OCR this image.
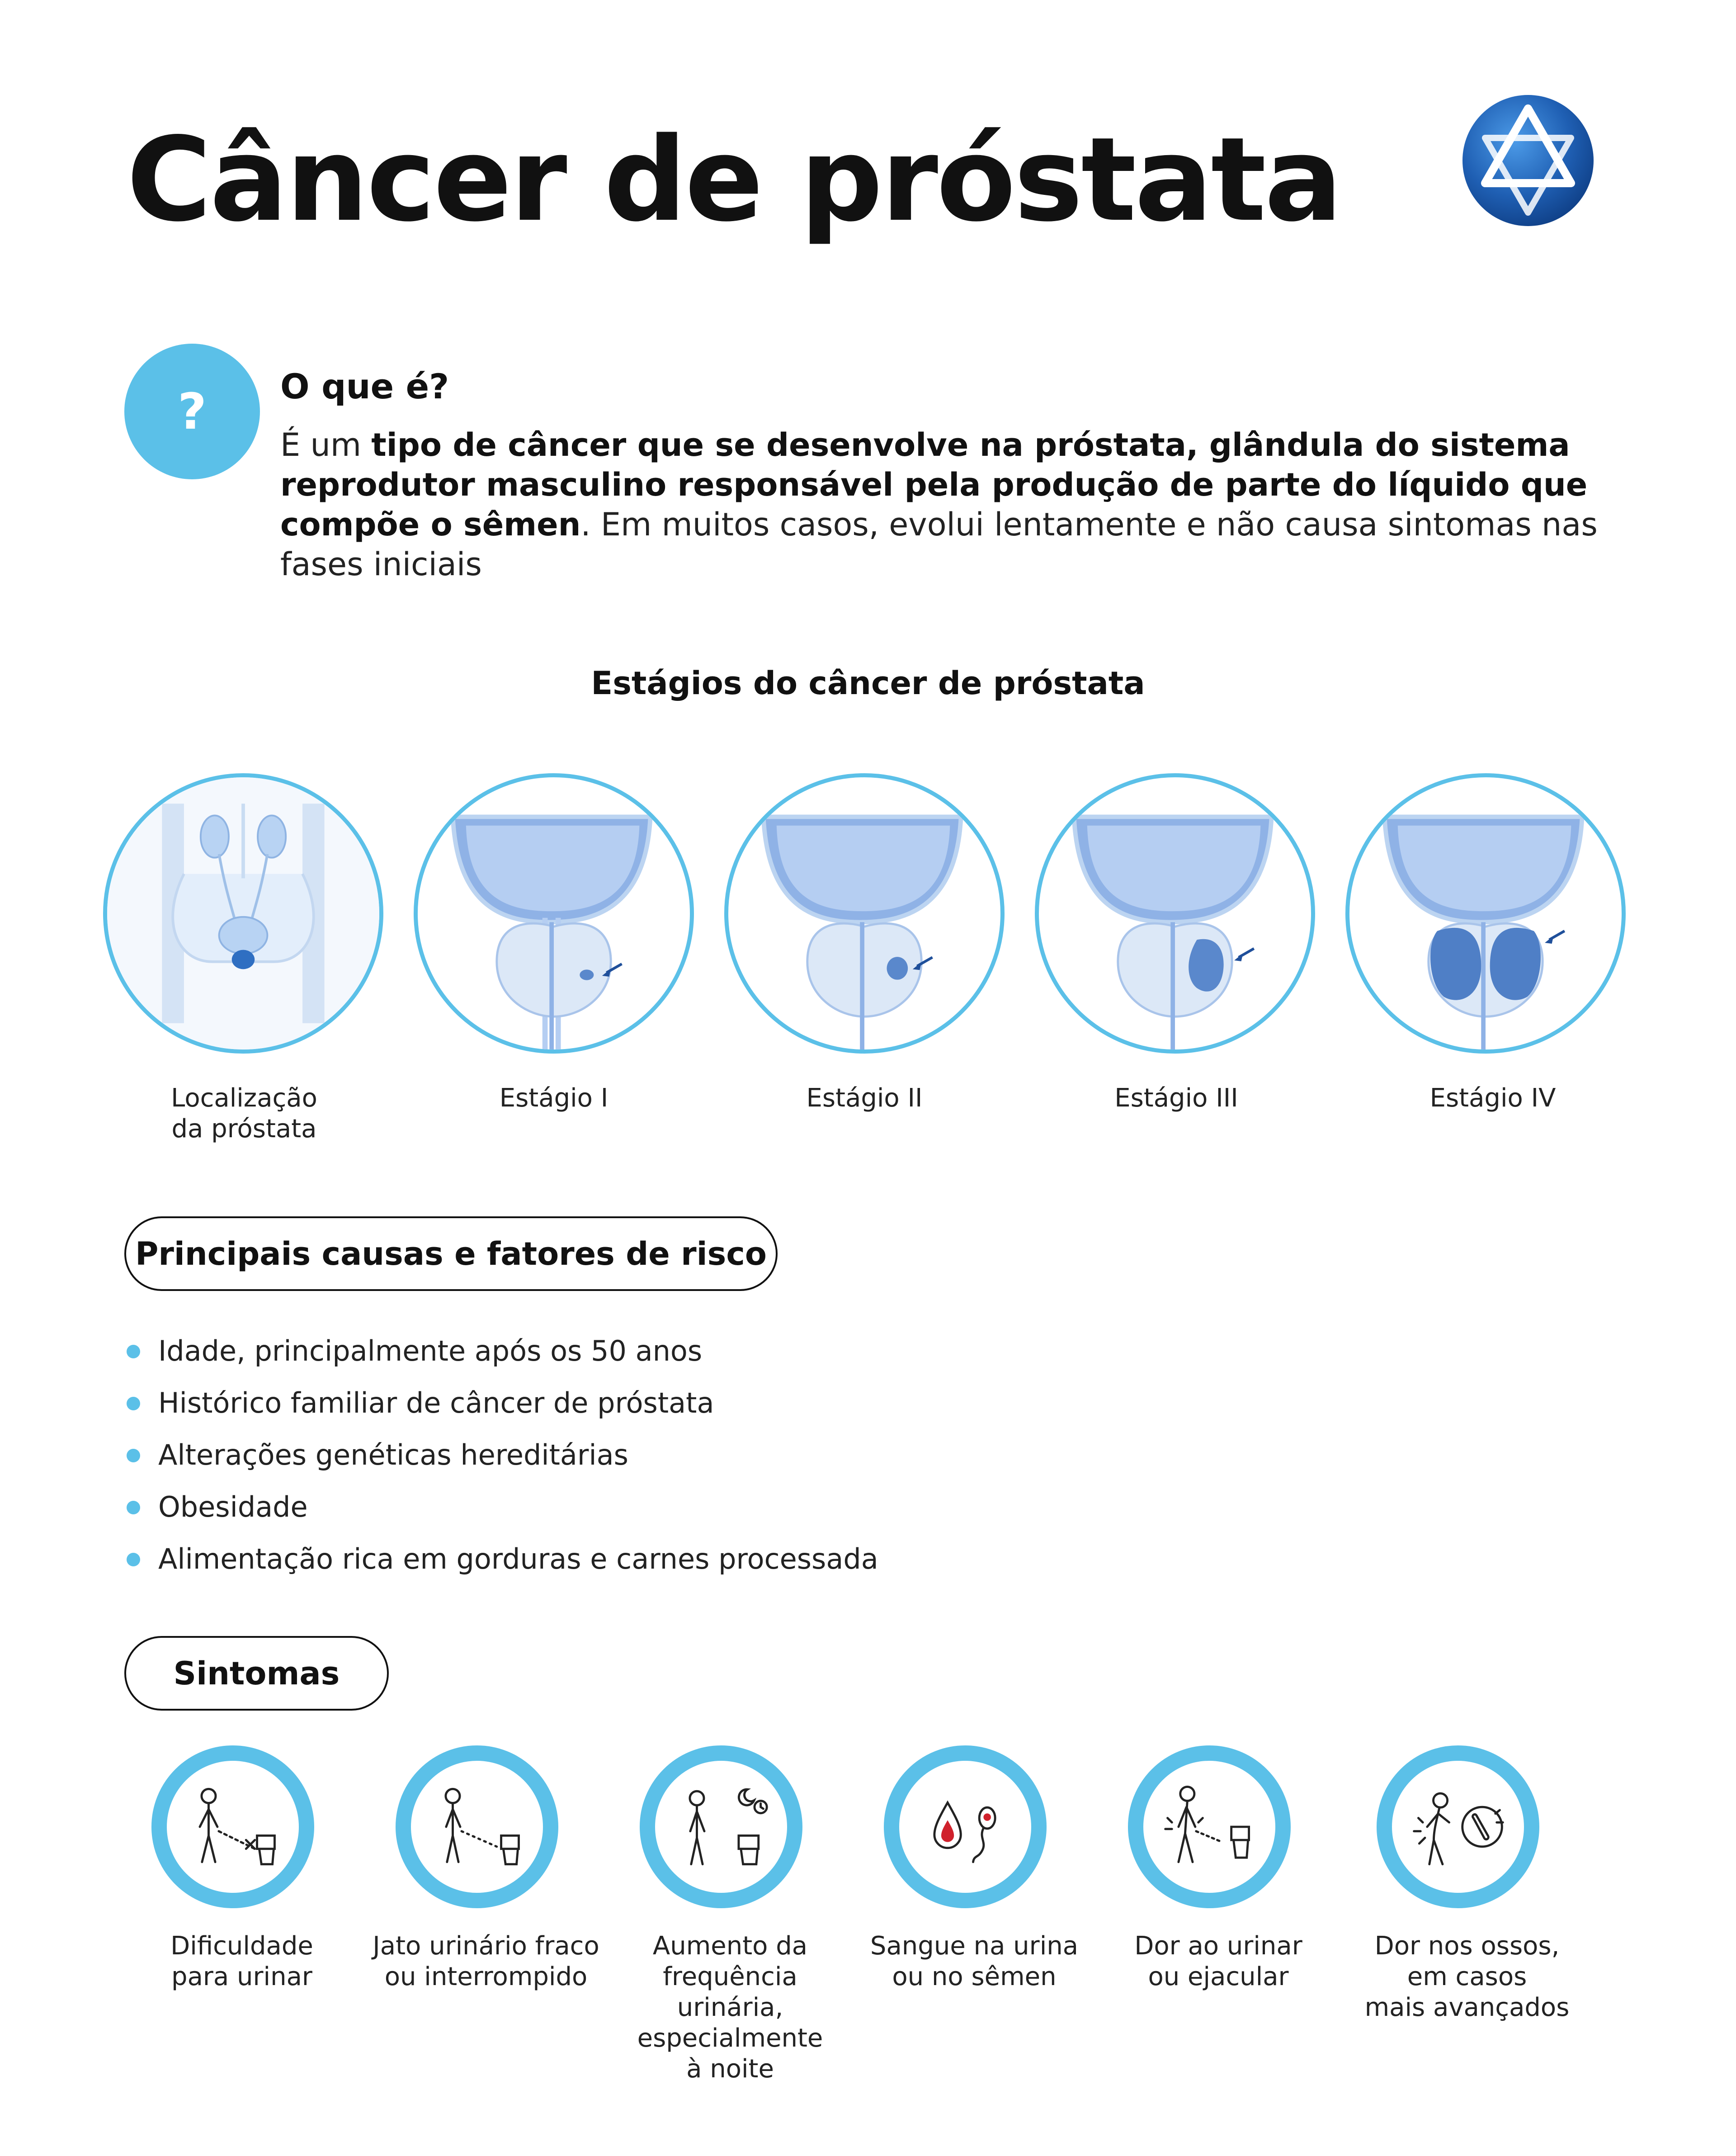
Câncer de próstata
?	O que é?
É um tipo de câncer que se desenvolve na próstata, glândula do sistema reprodutor masculino responsável pela produção de parte do líquido que compõe o sêmen. Em muitos casos, evolui lentamente e não causa sintomas nas fases iniciais
Estágios do câncer de próstata
Localização
da próstata
Estágio I	Estágio II	Estágio III	Estágio IV
Principais causas e fatores de risco
Idade, principalmente após os 50 anos
Histórico familiar de câncer de próstata
Alterações genéticas hereditárias
Obesidade
Alimentação rica em gorduras e carnes processada
Sintomas
Dificuldade
para urinar
Jato urinário fraco
ou interrompido
Aumento da
frequência
urinária,
especialmente
à noite
Sangue na urina
ou no sêmen
Dor ao urinar
ou ejacular
Dor nos ossos,
em casos
mais avançados
